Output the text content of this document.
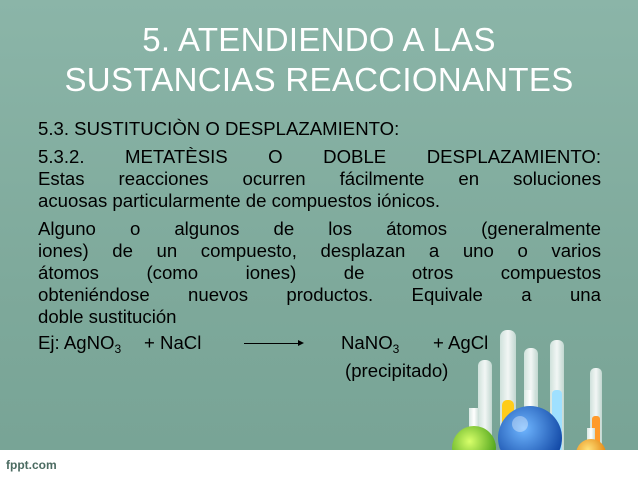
5. ATENDIENDO A LAS
SUSTANCIAS REACCIONANTES
5.3. SUSTITUCIÒN O DESPLAZAMIENTO:
5.3.2. METATÈSIS O DOBLE DESPLAZAMIENTO:
Estas reacciones ocurren fácilmente en soluciones
acuosas particularmente de compuestos iónicos.
Alguno o algunos de los átomos (generalmente
iones) de un compuesto, desplazan a uno o varios
átomos (como iones) de otros compuestos
obteniéndose nuevos productos. Equivale a una
doble sustitución
Ej: AgNO$_3$ + NaCl	NaNO$_3$ + AgCl
(precipitado)
fppt.com
